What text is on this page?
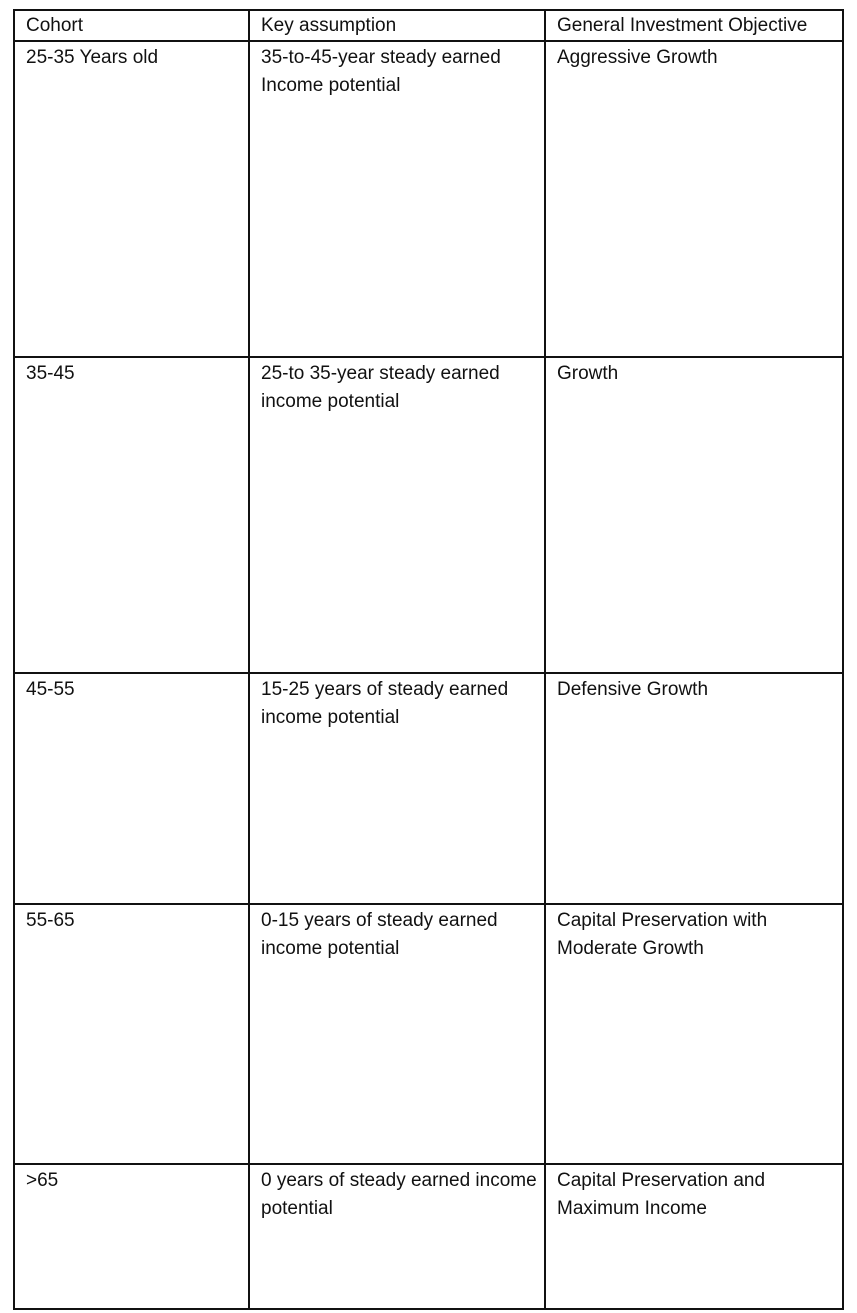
Cohort	Key assumption	General Investment Objective
25-35 Years old	35-to-45-year steady earned Income potential	Aggressive Growth
35-45	25-to 35-year steady earned income potential	Growth
45-55	15-25 years of steady earned income potential	Defensive Growth
55-65	0-15 years of steady earned income potential	Capital Preservation with Moderate Growth
>65	0 years of steady earned income potential	Capital Preservation and Maximum Income
